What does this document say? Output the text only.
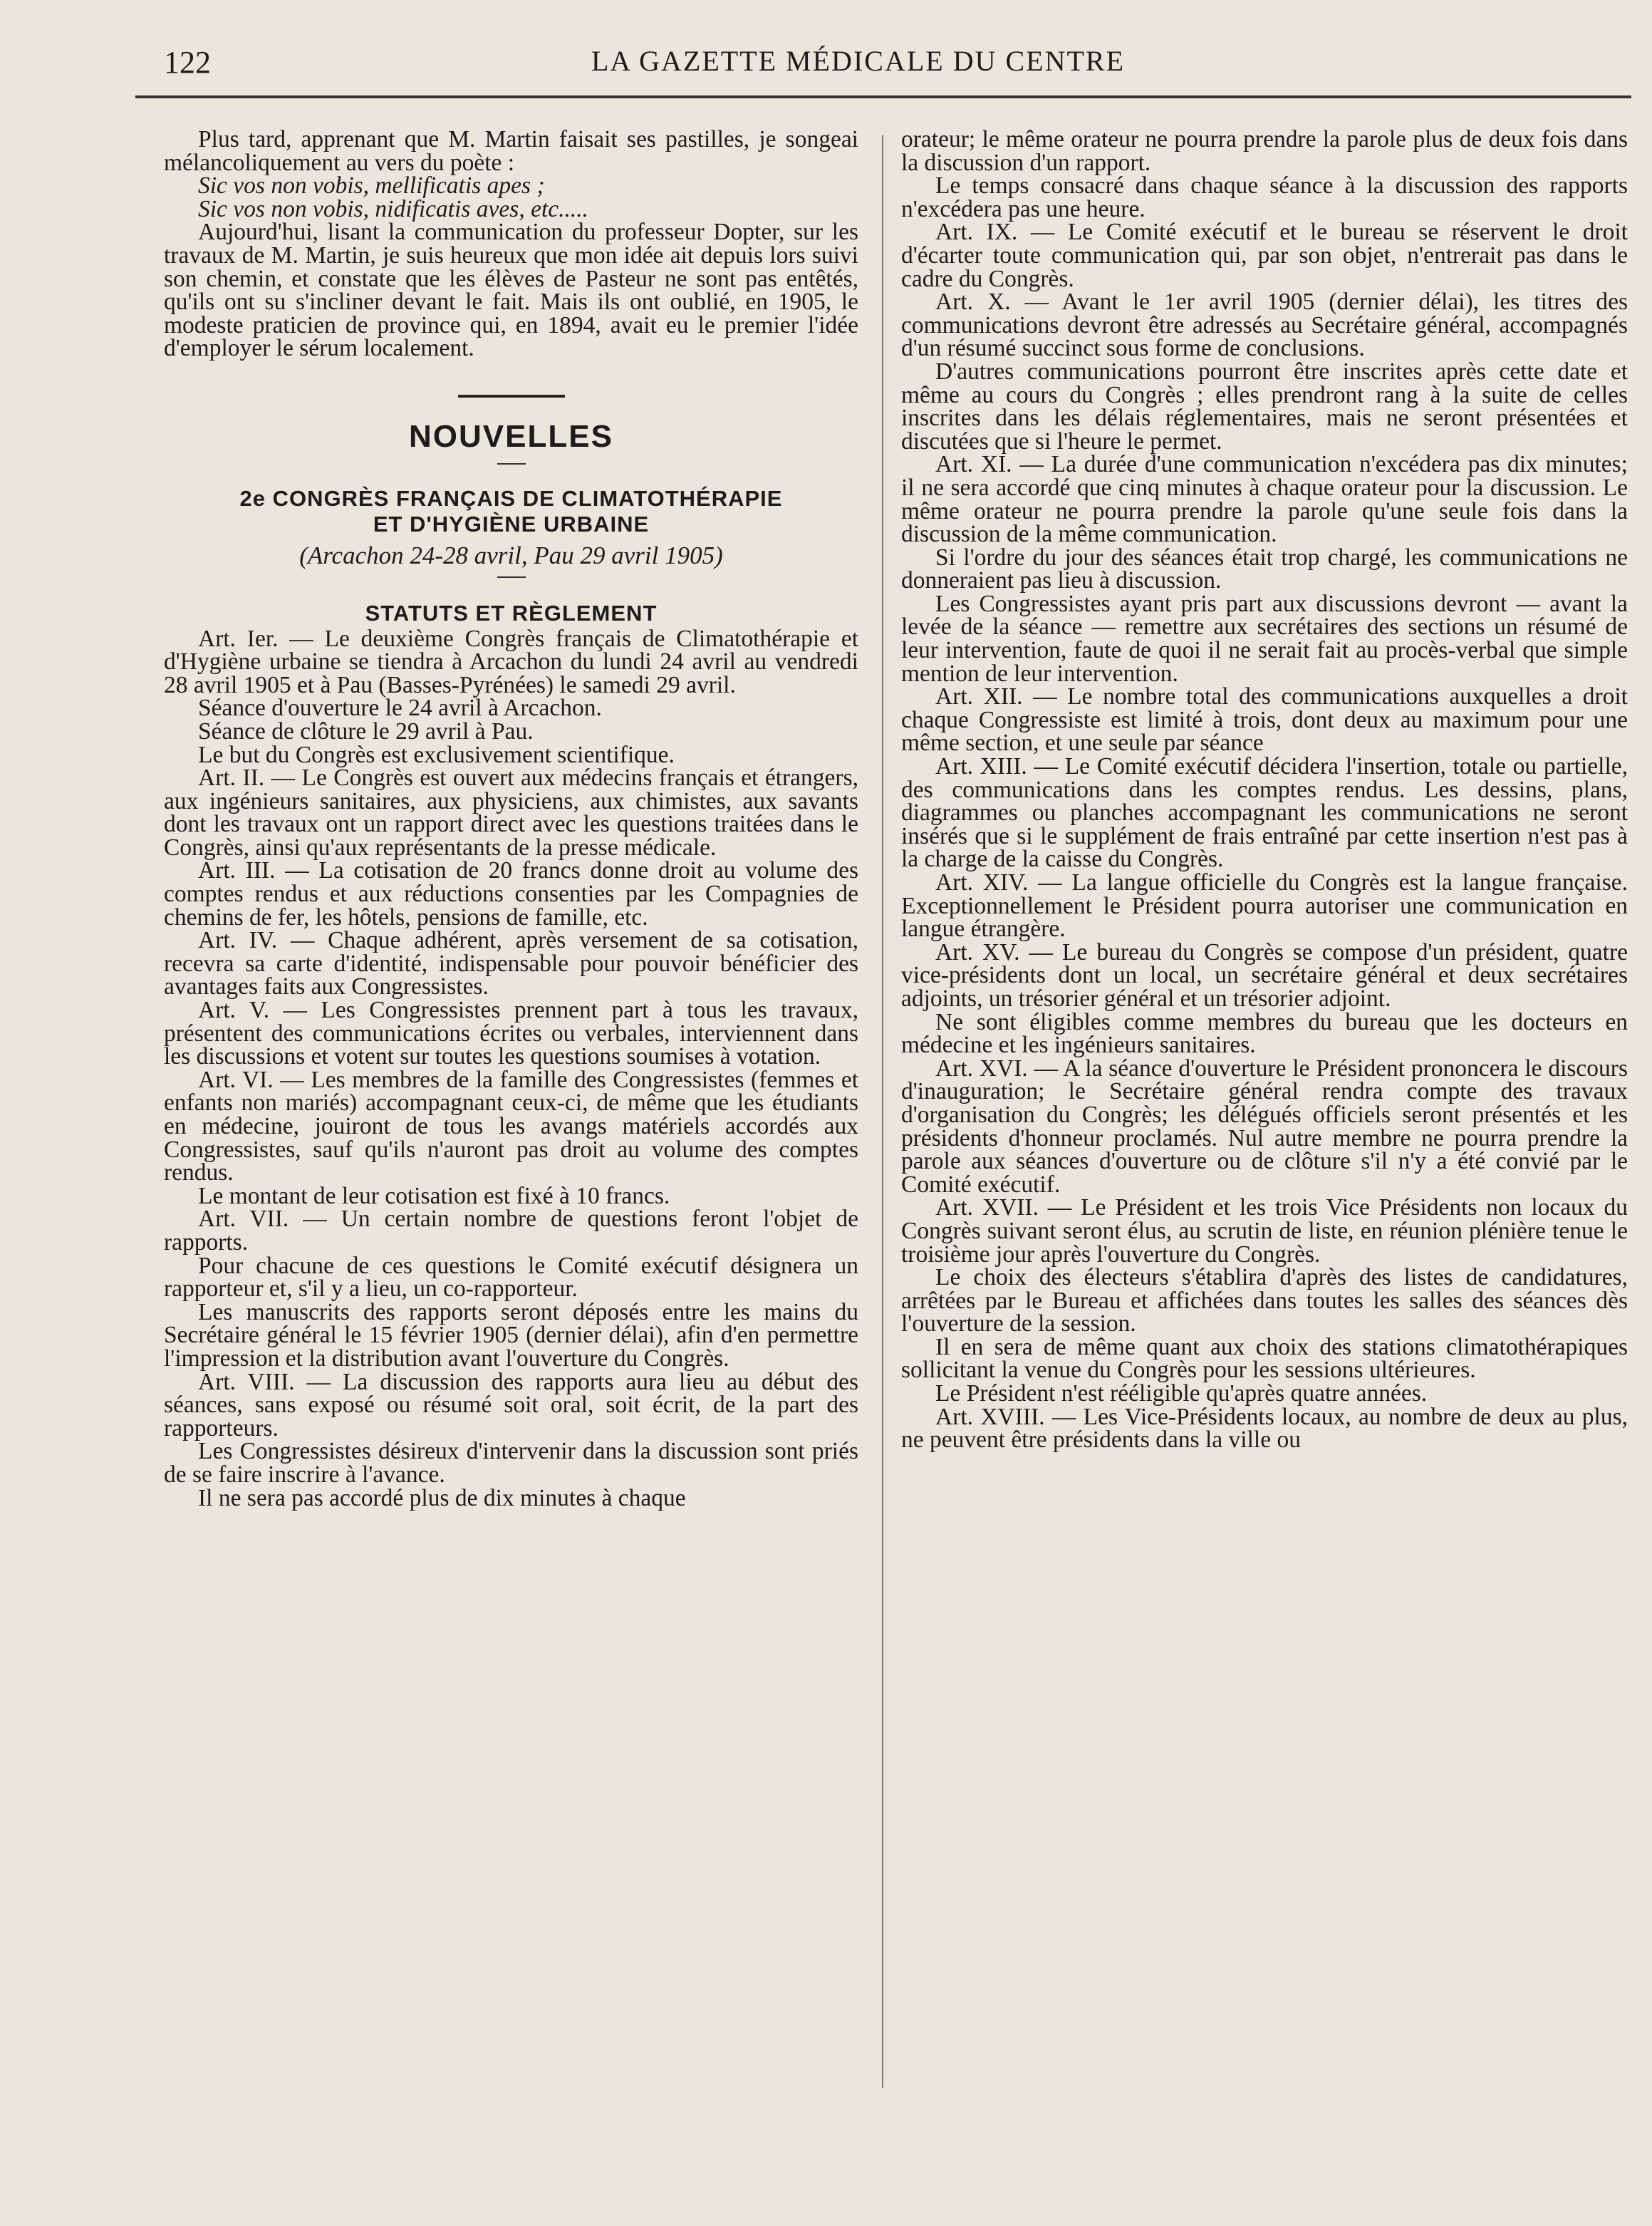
122	LA GAZETTE MÉDICALE DU CENTRE

Plus tard, apprenant que M. Martin faisait ses pastilles, je songeai mélancoliquement au vers du poète :

Sic vos non vobis, mellificatis apes ;

Sic vos non vobis, nidificatis aves, etc.....

Aujourd'hui, lisant la communication du professeur Dopter, sur les travaux de M. Martin, je suis heureux que mon idée ait depuis lors suivi son chemin, et constate que les élèves de Pasteur ne sont pas entêtés, qu'ils ont su s'incliner devant le fait. Mais ils ont oublié, en 1905, le modeste praticien de province qui, en 1894, avait eu le premier l'idée d'employer le sérum localement.

NOUVELLES

2e CONGRÈS FRANÇAIS DE CLIMATOTHÉRAPIE

ET D'HYGIÈNE URBAINE

(Arcachon 24-28 avril, Pau 29 avril 1905)

STATUTS ET RÈGLEMENT

Art. Ier. — Le deuxième Congrès français de Climatothérapie et d'Hygiène urbaine se tiendra à Arcachon du lundi 24 avril au vendredi 28 avril 1905 et à Pau (Basses-Pyrénées) le samedi 29 avril.

Séance d'ouverture le 24 avril à Arcachon.

Séance de clôture le 29 avril à Pau.

Le but du Congrès est exclusivement scientifique.

Art. II. — Le Congrès est ouvert aux médecins français et étrangers, aux ingénieurs sanitaires, aux physiciens, aux chimistes, aux savants dont les travaux ont un rapport direct avec les questions traitées dans le Congrès, ainsi qu'aux représentants de la presse médicale.

Art. III. — La cotisation de 20 francs donne droit au volume des comptes rendus et aux réductions consenties par les Compagnies de chemins de fer, les hôtels, pensions de famille, etc.

Art. IV. — Chaque adhérent, après versement de sa cotisation, recevra sa carte d'identité, indispensable pour pouvoir bénéficier des avantages faits aux Congressistes.

Art. V. — Les Congressistes prennent part à tous les travaux, présentent des communications écrites ou verbales, interviennent dans les discussions et votent sur toutes les questions soumises à votation.

Art. VI. — Les membres de la famille des Congressistes (femmes et enfants non mariés) accompagnant ceux-ci, de même que les étudiants en médecine, jouiront de tous les avangs matériels accordés aux Congressistes, sauf qu'ils n'auront pas droit au volume des comptes rendus.

Le montant de leur cotisation est fixé à 10 francs.

Art. VII. — Un certain nombre de questions feront l'objet de rapports.

Pour chacune de ces questions le Comité exécutif désignera un rapporteur et, s'il y a lieu, un co-rapporteur.

Les manuscrits des rapports seront déposés entre les mains du Secrétaire général le 15 février 1905 (dernier délai), afin d'en permettre l'impression et la distribution avant l'ouverture du Congrès.

Art. VIII. — La discussion des rapports aura lieu au début des séances, sans exposé ou résumé soit oral, soit écrit, de la part des rapporteurs.

Les Congressistes désireux d'intervenir dans la discussion sont priés de se faire inscrire à l'avance.

Il ne sera pas accordé plus de dix minutes à chaque

orateur; le même orateur ne pourra prendre la parole plus de deux fois dans la discussion d'un rapport.

Le temps consacré dans chaque séance à la discussion des rapports n'excédera pas une heure.

Art. IX. — Le Comité exécutif et le bureau se réservent le droit d'écarter toute communication qui, par son objet, n'entrerait pas dans le cadre du Congrès.

Art. X. — Avant le 1er avril 1905 (dernier délai), les titres des communications devront être adressés au Secrétaire général, accompagnés d'un résumé succinct sous forme de conclusions.

D'autres communications pourront être inscrites après cette date et même au cours du Congrès ; elles prendront rang à la suite de celles inscrites dans les délais réglementaires, mais ne seront présentées et discutées que si l'heure le permet.

Art. XI. — La durée d'une communication n'excédera pas dix minutes; il ne sera accordé que cinq minutes à chaque orateur pour la discussion. Le même orateur ne pourra prendre la parole qu'une seule fois dans la discussion de la même communication.

Si l'ordre du jour des séances était trop chargé, les communications ne donneraient pas lieu à discussion.

Les Congressistes ayant pris part aux discussions devront — avant la levée de la séance — remettre aux secrétaires des sections un résumé de leur intervention, faute de quoi il ne serait fait au procès-verbal que simple mention de leur intervention.

Art. XII. — Le nombre total des communications auxquelles a droit chaque Congressiste est limité à trois, dont deux au maximum pour une même section, et une seule par séance

Art. XIII. — Le Comité exécutif décidera l'insertion, totale ou partielle, des communications dans les comptes rendus. Les dessins, plans, diagrammes ou planches accompagnant les communications ne seront insérés que si le supplément de frais entraîné par cette insertion n'est pas à la charge de la caisse du Congrès.

Art. XIV. — La langue officielle du Congrès est la langue française. Exceptionnellement le Président pourra autoriser une communication en langue étrangère.

Art. XV. — Le bureau du Congrès se compose d'un président, quatre vice-présidents dont un local, un secrétaire général et deux secrétaires adjoints, un trésorier général et un trésorier adjoint.

Ne sont éligibles comme membres du bureau que les docteurs en médecine et les ingénieurs sanitaires.

Art. XVI. — A la séance d'ouverture le Président prononcera le discours d'inauguration; le Secrétaire général rendra compte des travaux d'organisation du Congrès; les délégués officiels seront présentés et les présidents d'honneur proclamés. Nul autre membre ne pourra prendre la parole aux séances d'ouverture ou de clôture s'il n'y a été convié par le Comité exécutif.

Art. XVII. — Le Président et les trois Vice Présidents non locaux du Congrès suivant seront élus, au scrutin de liste, en réunion plénière tenue le troisième jour après l'ouverture du Congrès.

Le choix des électeurs s'établira d'après des listes de candidatures, arrêtées par le Bureau et affichées dans toutes les salles des séances dès l'ouverture de la session.

Il en sera de même quant aux choix des stations climatothérapiques sollicitant la venue du Congrès pour les sessions ultérieures.

Le Président n'est rééligible qu'après quatre années.

Art. XVIII. — Les Vice-Présidents locaux, au nombre de deux au plus, ne peuvent être présidents dans la ville ou
